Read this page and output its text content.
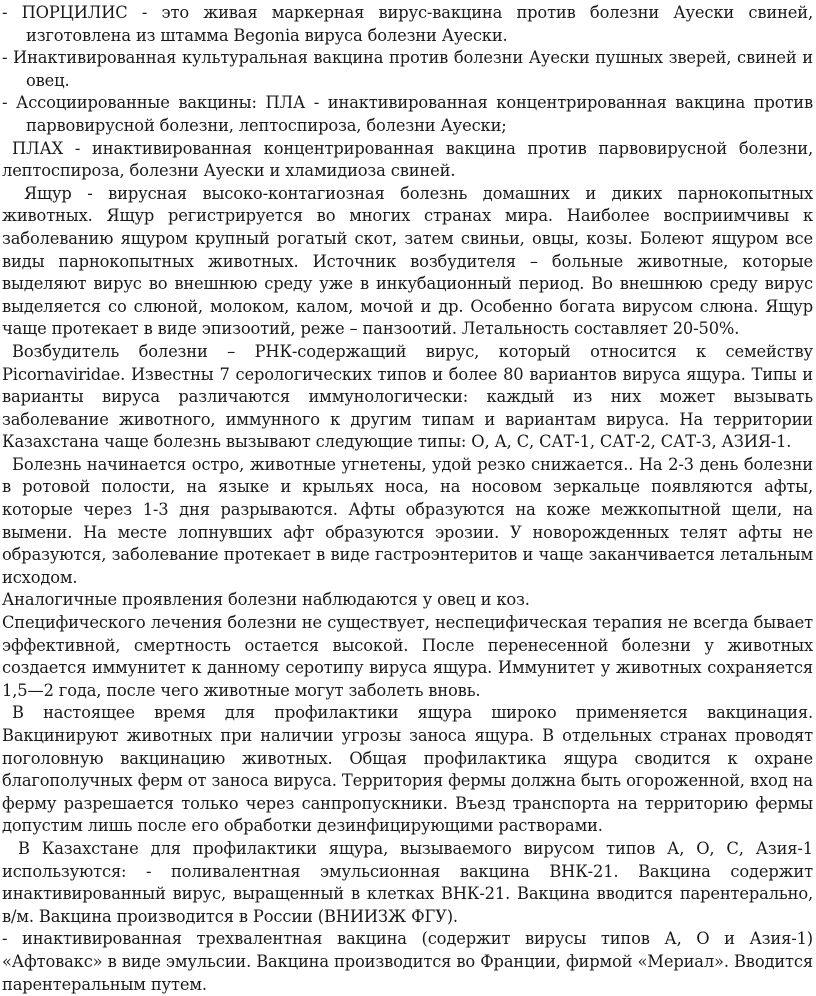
- ПОРЦИЛИС - это живая маркерная вирус-вакцина против болезни Ауески свиней, изготовлена из штамма Begonia вируса болезни Ауески.

- Инактивированная культуральная вакцина против болезни Ауески пушных зверей, свиней и овец.

- Ассоциированные вакцины: ПЛА - инактивированная концентрированная вакцина против парвовирусной болезни, лептоспироза, болезни Ауески;

ПЛАХ - инактивированная концентрированная вакцина против парвовирусной болезни, лептоспироза, болезни Ауески и хламидиоза свиней.

Ящур - вирусная высоко-контагиозная болезнь домашних и диких парнокопытных животных. Ящур регистрируется во многих странах мира. Наиболее восприимчивы к заболеванию ящуром крупный рогатый скот, затем свиньи, овцы, козы. Болеют ящуром все виды парнокопытных животных. Источник возбудителя – больные животные, которые выделяют вирус во внешнюю среду уже в инкубационный период. Во внешнюю среду вирус выделяется со слюной, молоком, калом, мочой и др. Особенно богата вирусом слюна. Ящур чаще протекает в виде эпизоотий, реже – панзоотий. Летальность составляет 20-50%.

Возбудитель болезни – РНК-содержащий вирус, который относится к семейству Picornaviridae. Известны 7 серологических типов и более 80 вариантов вируса ящура. Типы и варианты вируса различаются иммунологически: каждый из них может вызывать заболевание животного, иммунного к другим типам и вариантам вируса. На территории Казахстана чаще болезнь вызывают следующие типы: О, А, С, САТ-1, САТ-2, САТ-3, АЗИЯ-1.

Болезнь начинается остро, животные угнетены, удой резко снижается.. На 2-3 день болезни в ротовой полости, на языке и крыльях носа, на носовом зеркальце появляются афты, которые через 1-3 дня разрываются. Афты образуются на коже межкопытной щели, на вымени. На месте лопнувших афт образуются эрозии. У новорожденных телят афты не образуются, заболевание протекает в виде гастроэнтеритов и чаще заканчивается летальным исходом.

Аналогичные проявления болезни наблюдаются у овец и коз.

Специфического лечения болезни не существует, неспецифическая терапия не всегда бывает эффективной, смертность остается высокой. После перенесенной болезни у животных создается иммунитет к данному серотипу вируса ящура. Иммунитет у животных сохраняется 1,5—2 года, после чего животные могут заболеть вновь.

В настоящее время для профилактики ящура широко применяется вакцинация. Вакцинируют животных при наличии угрозы заноса ящура. В отдельных странах проводят поголовную вакцинацию животных. Общая профилактика ящура сводится к охране благополучных ферм от заноса вируса. Территория фермы должна быть огороженной, вход на ферму разрешается только через санпропускники. Въезд транспорта на территорию фермы допустим лишь после его обработки дезинфицирующими растворами.

В Казахстане для профилактики ящура, вызываемого вирусом типов А, О, С, Азия-1 используются: - поливалентная эмульсионная вакцина ВНК-21. Вакцина содержит инактивированный вирус, выращенный в клетках ВНК-21. Вакцина вводится парентерально, в/м. Вакцина производится в России (ВНИИЗЖ ФГУ).

- инактивированная трехвалентная вакцина (содержит вирусы типов А, О и Азия-1) «Афтовакс» в виде эмульсии. Вакцина производится во Франции, фирмой «Мериал». Вводится парентеральным путем.
